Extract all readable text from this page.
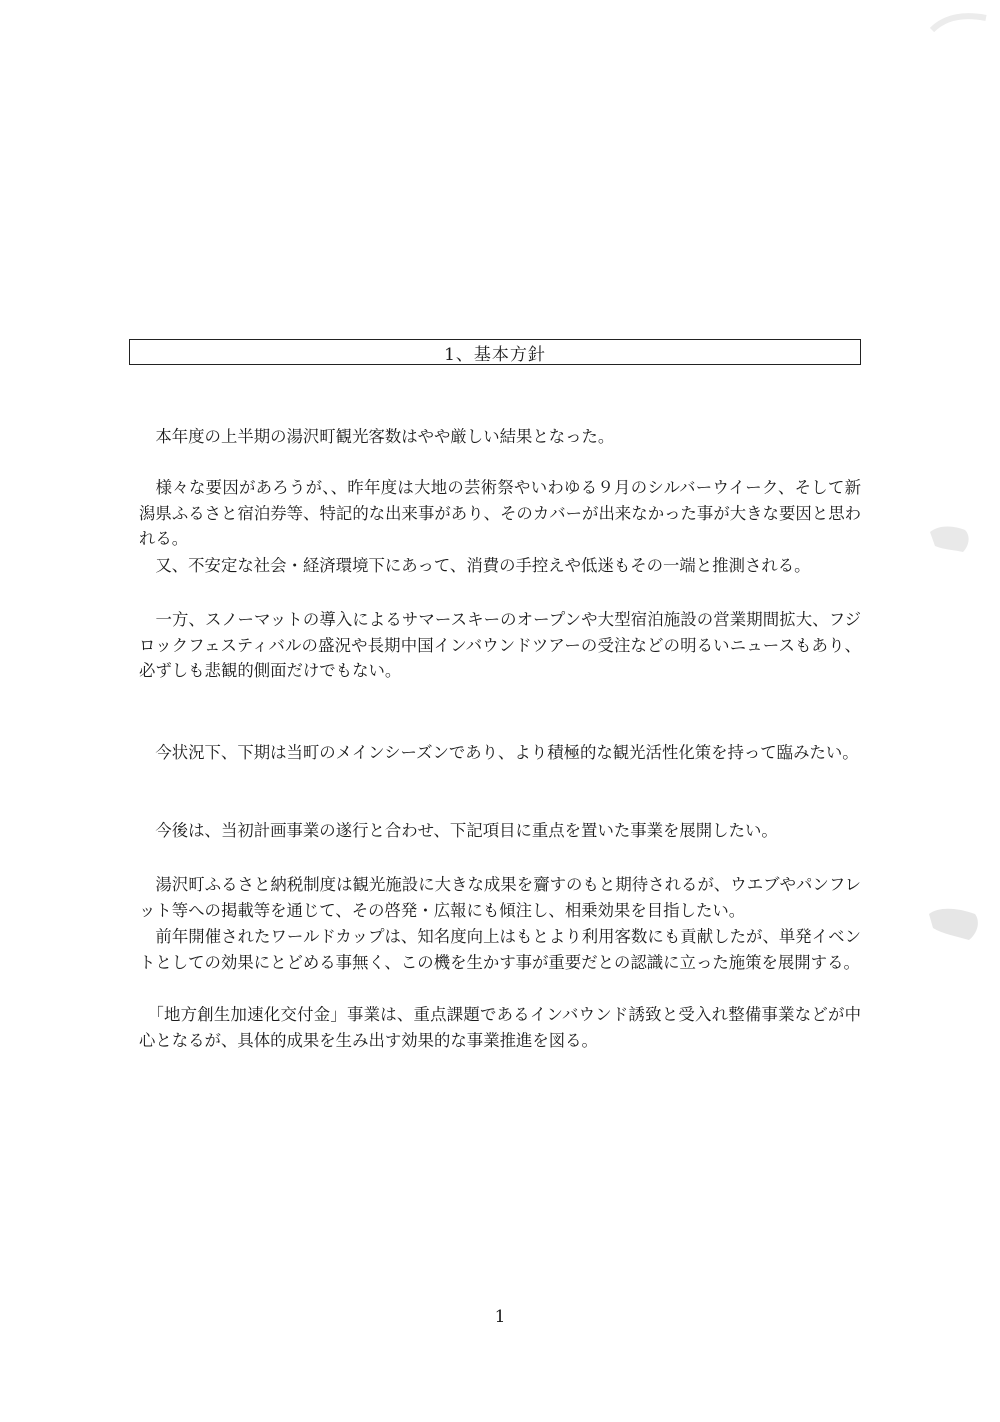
1、基本方針

　本年度の上半期の湯沢町観光客数はやや厳しい結果となった。

　様々な要因があろうが、、昨年度は大地の芸術祭やいわゆる９月のシルバーウイーク、そして新潟県ふるさと宿泊券等、特記的な出来事があり、そのカバーが出来なかった事が大きな要因と思われる。

　又、不安定な社会・経済環境下にあって、消費の手控えや低迷もその一端と推測される。

　一方、スノーマットの導入によるサマースキーのオープンや大型宿泊施設の営業期間拡大、フジロックフェスティバルの盛況や長期中国インバウンドツアーの受注などの明るいニュースもあり、必ずしも悲観的側面だけでもない。

　今状況下、下期は当町のメインシーズンであり、より積極的な観光活性化策を持って臨みたい。

　今後は、当初計画事業の遂行と合わせ、下記項目に重点を置いた事業を展開したい。

　湯沢町ふるさと納税制度は観光施設に大きな成果を齎すのもと期待されるが、ウエブやパンフレット等への掲載等を通じて、その啓発・広報にも傾注し、相乗効果を目指したい。

　前年開催されたワールドカップは、知名度向上はもとより利用客数にも貢献したが、単発イベントとしての効果にとどめる事無く、この機を生かす事が重要だとの認識に立った施策を展開する。

　「地方創生加速化交付金」事業は、重点課題であるインバウンド誘致と受入れ整備事業などが中心となるが、具体的成果を生み出す効果的な事業推進を図る。

1
